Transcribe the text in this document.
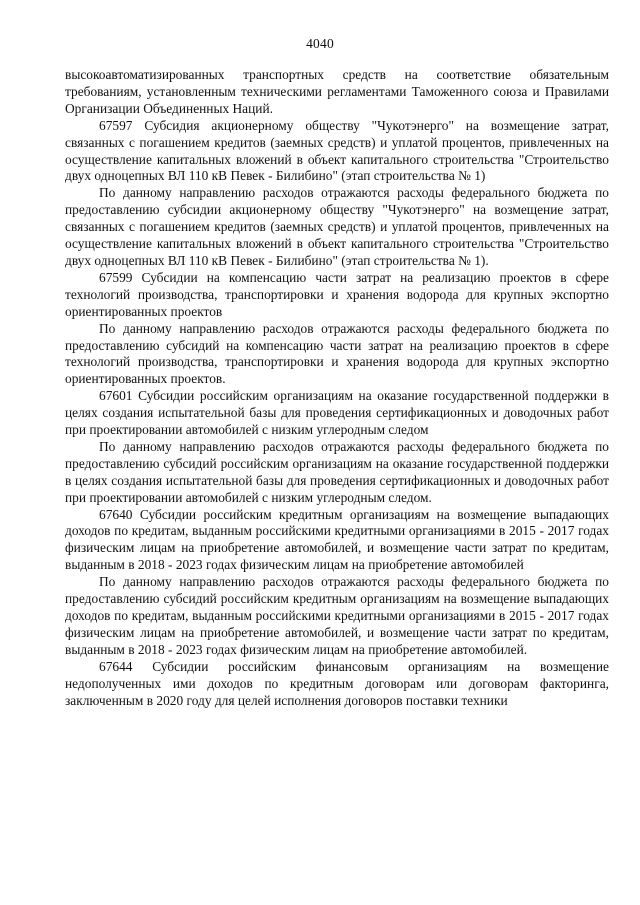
4040

высокоавтоматизированных транспортных средств на соответствие обязательным требованиям, установленным техническими регламентами Таможенного союза и Правилами Организации Объединенных Наций.

67597 Субсидия акционерному обществу "Чукотэнерго" на возмещение затрат, связанных с погашением кредитов (заемных средств) и уплатой процентов, привлеченных на осуществление капитальных вложений в объект капитального строительства "Строительство двух одноцепных ВЛ 110 кВ Певек - Билибино" (этап строительства № 1)

По данному направлению расходов отражаются расходы федерального бюджета по предоставлению субсидии акционерному обществу "Чукотэнерго" на возмещение затрат, связанных с погашением кредитов (заемных средств) и уплатой процентов, привлеченных на осуществление капитальных вложений в объект капитального строительства "Строительство двух одноцепных ВЛ 110 кВ Певек - Билибино" (этап строительства № 1).

67599 Субсидии на компенсацию части затрат на реализацию проектов в сфере технологий производства, транспортировки и хранения водорода для крупных экспортно ориентированных проектов

По данному направлению расходов отражаются расходы федерального бюджета по предоставлению субсидий на компенсацию части затрат на реализацию проектов в сфере технологий производства, транспортировки и хранения водорода для крупных экспортно ориентированных проектов.

67601 Субсидии российским организациям на оказание государственной поддержки в целях создания испытательной базы для проведения сертификационных и доводочных работ при проектировании автомобилей с низким углеродным следом

По данному направлению расходов отражаются расходы федерального бюджета по предоставлению субсидий российским организациям на оказание государственной поддержки в целях создания испытательной базы для проведения сертификационных и доводочных работ при проектировании автомобилей с низким углеродным следом.

67640 Субсидии российским кредитным организациям на возмещение выпадающих доходов по кредитам, выданным российскими кредитными организациями в 2015 - 2017 годах физическим лицам на приобретение автомобилей, и возмещение части затрат по кредитам, выданным в 2018 - 2023 годах физическим лицам на приобретение автомобилей

По данному направлению расходов отражаются расходы федерального бюджета по предоставлению субсидий российским кредитным организациям на возмещение выпадающих доходов по кредитам, выданным российскими кредитными организациями в 2015 - 2017 годах физическим лицам на приобретение автомобилей, и возмещение части затрат по кредитам, выданным в 2018 - 2023 годах физическим лицам на приобретение автомобилей.

67644 Субсидии российским финансовым организациям на возмещение недополученных ими доходов по кредитным договорам или договорам факторинга, заключенным в 2020 году для целей исполнения договоров поставки техники
